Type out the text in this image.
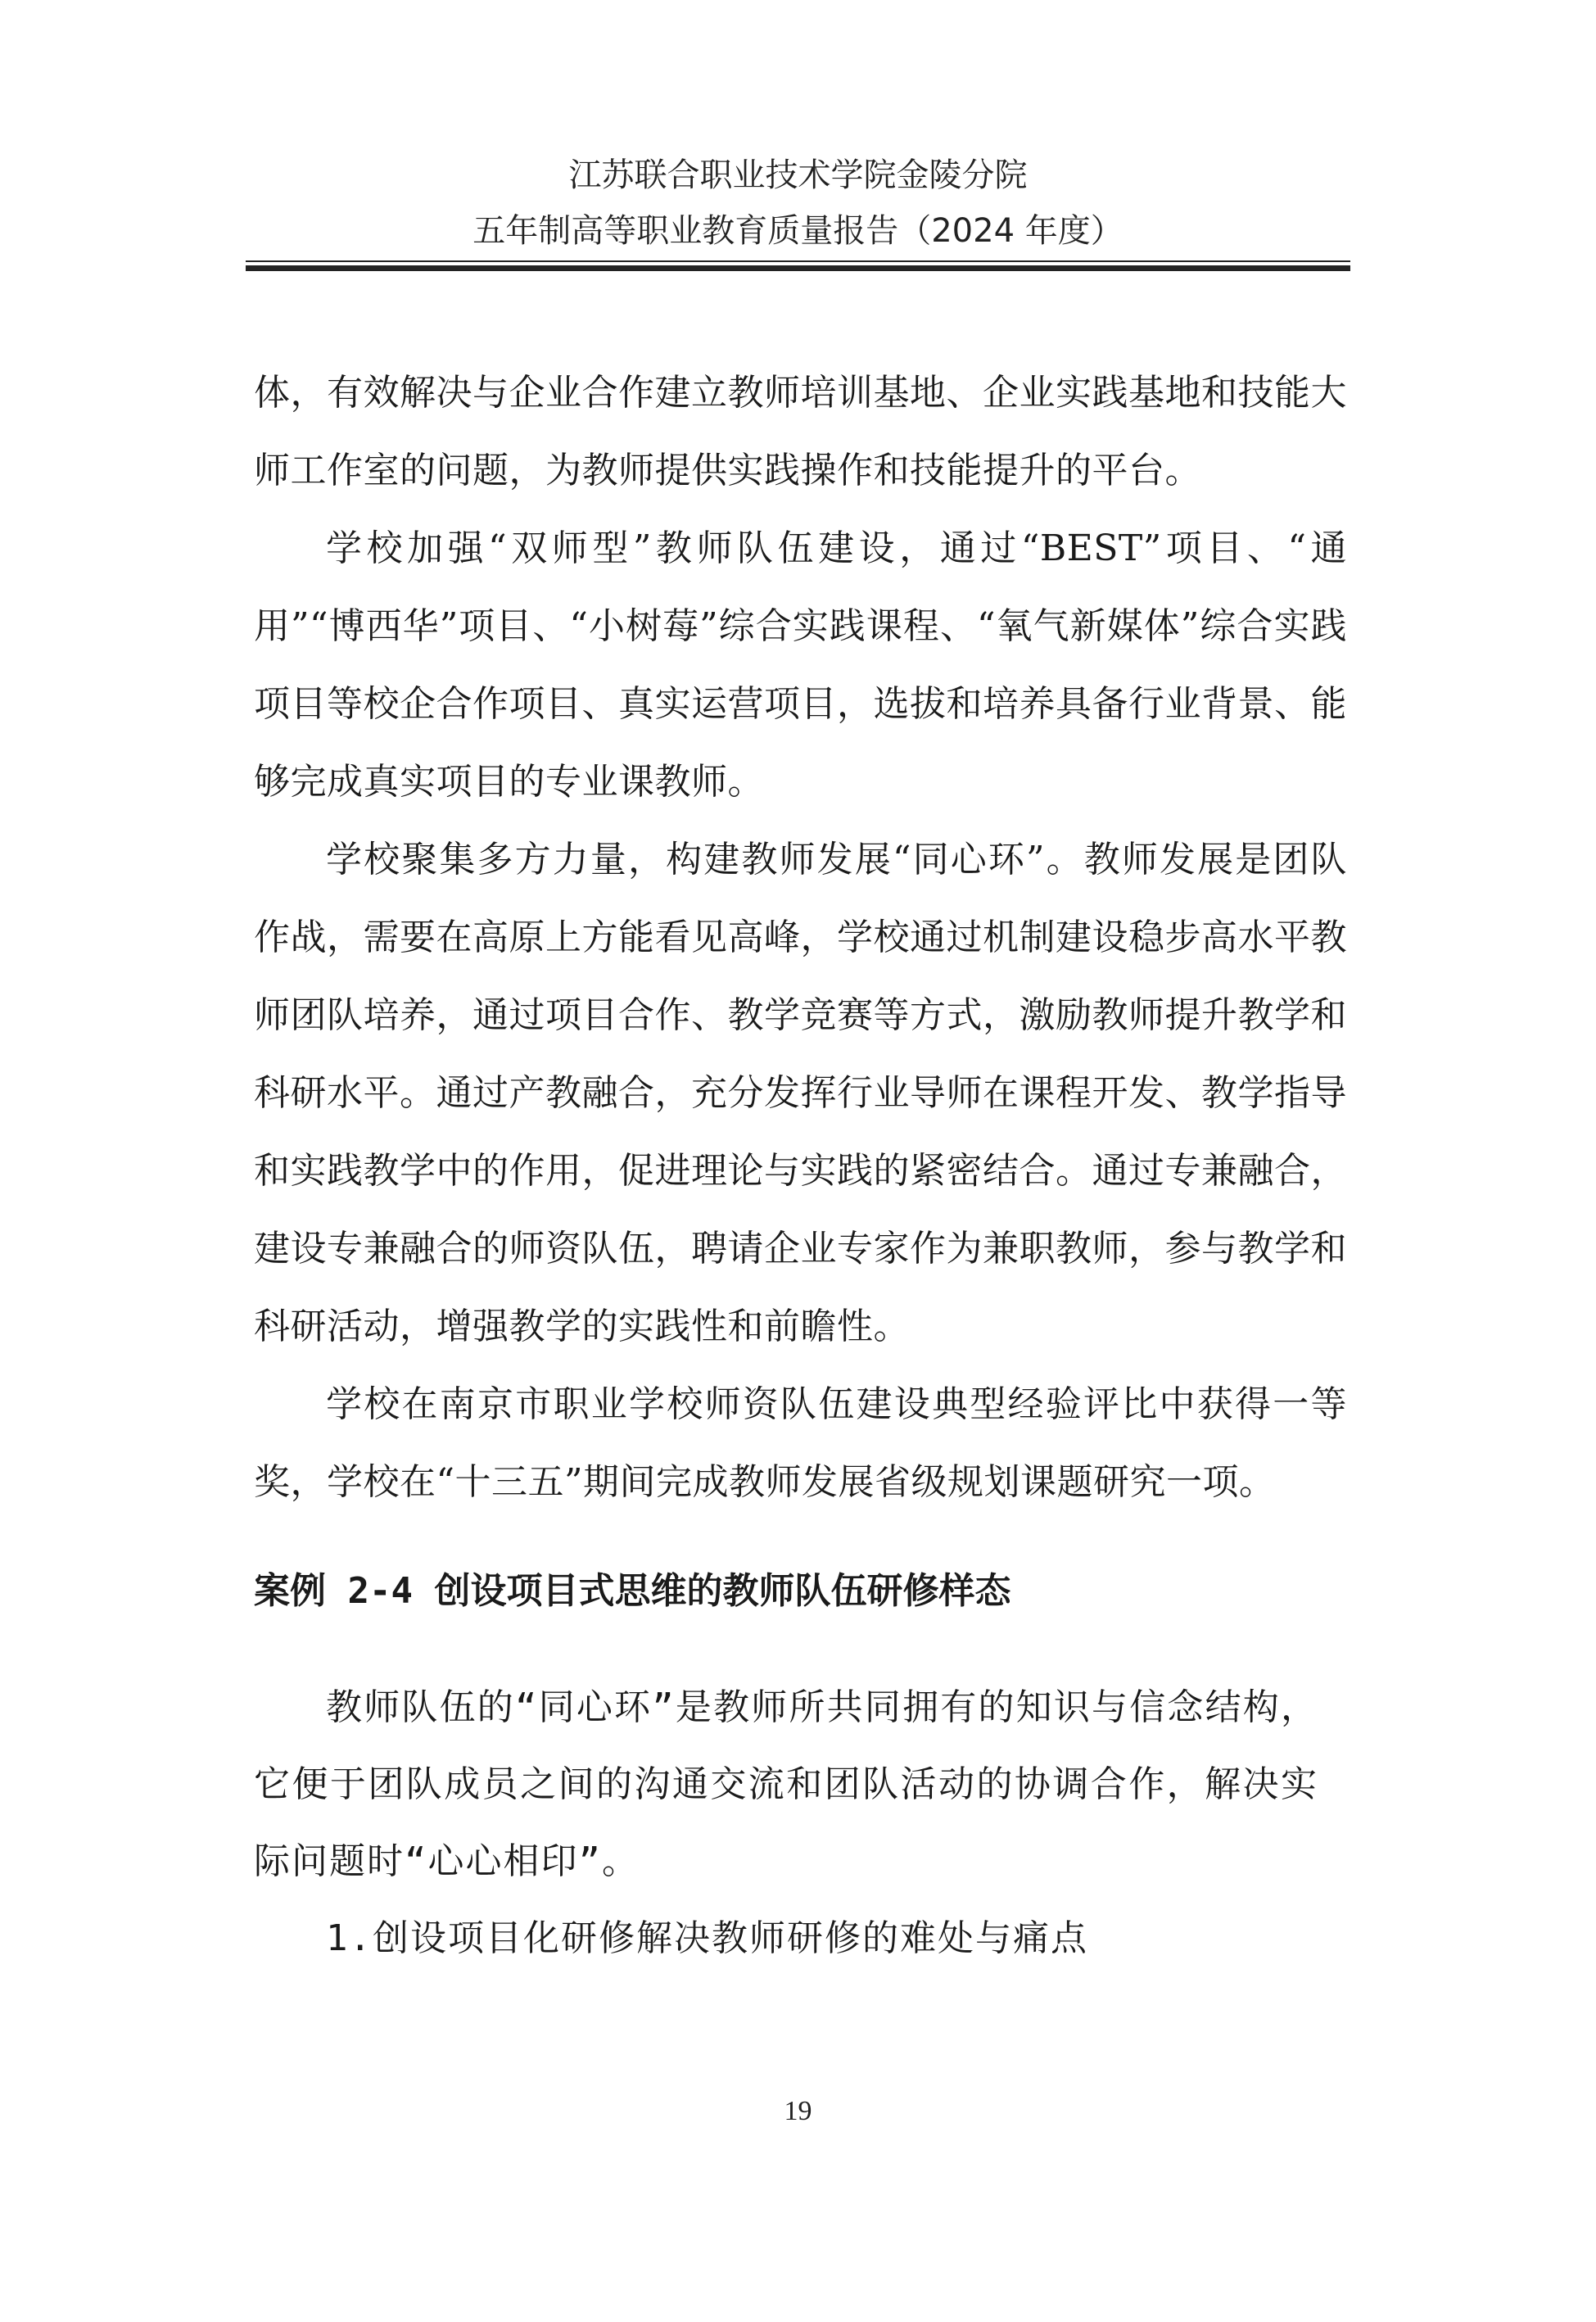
江苏联合职业技术学院金陵分院
五年制高等职业教育质量报告（2024 年度）

体，有效解决与企业合作建立教师培训基地、企业实践基地和技能大师工作室的问题，为教师提供实践操作和技能提升的平台。

学校加强“双师型”教师队伍建设，通过“BEST”项目、“通用”“博西华”项目、“小树莓”综合实践课程、“氧气新媒体”综合实践项目等校企合作项目、真实运营项目，选拔和培养具备行业背景、能够完成真实项目的专业课教师。

学校聚集多方力量，构建教师发展“同心环”。教师发展是团队作战，需要在高原上方能看见高峰，学校通过机制建设稳步高水平教师团队培养，通过项目合作、教学竞赛等方式，激励教师提升教学和科研水平。通过产教融合，充分发挥行业导师在课程开发、教学指导和实践教学中的作用，促进理论与实践的紧密结合。通过专兼融合，建设专兼融合的师资队伍，聘请企业专家作为兼职教师，参与教学和科研活动，增强教学的实践性和前瞻性。

学校在南京市职业学校师资队伍建设典型经验评比中获得一等奖，学校在“十三五”期间完成教师发展省级规划课题研究一项。

案例 2-4 创设项目式思维的教师队伍研修样态

教师队伍的“同心环”是教师所共同拥有的知识与信念结构，它便于团队成员之间的沟通交流和团队活动的协调合作，解决实际问题时“心心相印”。

1.创设项目化研修解决教师研修的难处与痛点

19
